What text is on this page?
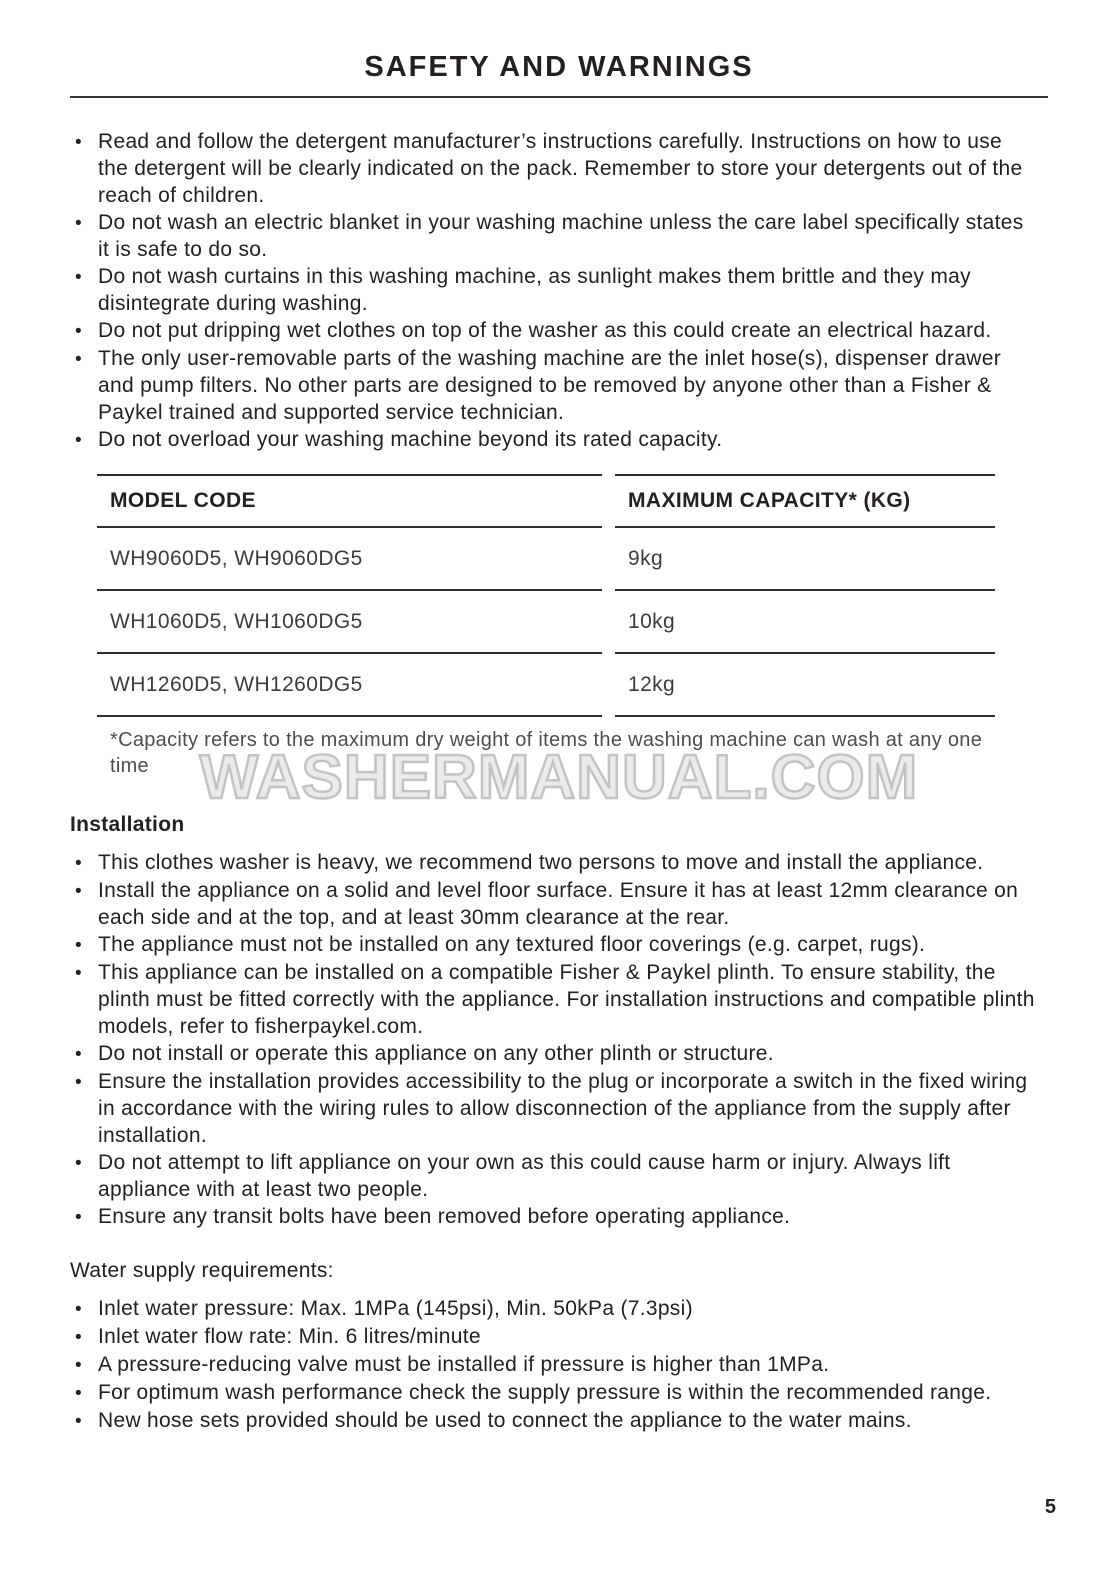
WASHERMANUAL.COM
SAFETY AND WARNINGS
•
Read and follow the detergent manufacturer’s instructions carefully. Instructions on how to use the detergent will be clearly indicated on the pack. Remember to store your detergents out of the reach of children.
•
Do not wash an electric blanket in your washing machine unless the care label specifically states it is safe to do so.
•
Do not wash curtains in this washing machine, as sunlight makes them brittle and they may disintegrate during washing.
•
Do not put dripping wet clothes on top of the washer as this could create an electrical hazard.
•
The only user-removable parts of the washing machine are the inlet hose(s), dispenser drawer and pump filters. No other parts are designed to be removed by anyone other than a Fisher & Paykel trained and supported service technician.
•
Do not overload your washing machine beyond its rated capacity.
MODEL CODE	MAXIMUM CAPACITY* (KG)
WH9060D5, WH9060DG5	9kg
WH1060D5, WH1060DG5	10kg
WH1260D5, WH1260DG5	12kg

*Capacity refers to the maximum dry weight of items the washing machine can wash at any one time

Installation
•
This clothes washer is heavy, we recommend two persons to move and install the appliance.
•
Install the appliance on a solid and level floor surface. Ensure it has at least 12mm clearance on each side and at the top, and at least 30mm clearance at the rear.
•
The appliance must not be installed on any textured floor coverings (e.g. carpet, rugs).
•
This appliance can be installed on a compatible Fisher & Paykel plinth. To ensure stability, the plinth must be fitted correctly with the appliance. For installation instructions and compatible plinth models, refer to fisherpaykel.com.
•
Do not install or operate this appliance on any other plinth or structure.
•
Ensure the installation provides accessibility to the plug or incorporate a switch in the fixed wiring in accordance with the wiring rules to allow disconnection of the appliance from the supply after installation.
•
Do not attempt to lift appliance on your own as this could cause harm or injury. Always lift appliance with at least two people.
•
Ensure any transit bolts have been removed before operating appliance.

Water supply requirements:

•
Inlet water pressure: Max. 1MPa (145psi), Min. 50kPa (7.3psi)
•
Inlet water flow rate: Min. 6 litres/minute
•
A pressure-reducing valve must be installed if pressure is higher than 1MPa.
•
For optimum wash performance check the supply pressure is within the recommended range.
•
New hose sets provided should be used to connect the appliance to the water mains.
5
